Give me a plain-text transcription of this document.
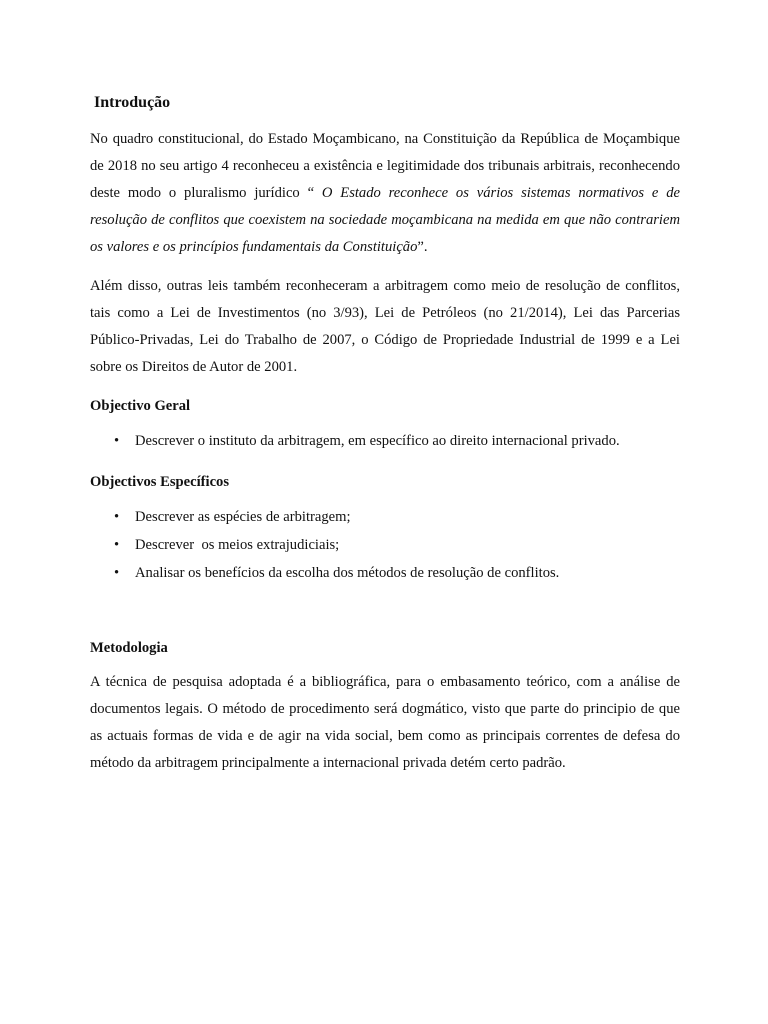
Introdução

No quadro constitucional, do Estado Moçambicano, na Constituição da República de Moçambique de 2018 no seu artigo 4 reconheceu a existência e legitimidade dos tribunais arbitrais, reconhecendo deste modo o pluralismo jurídico “ O Estado reconhece os vários sistemas normativos e de resolução de conflitos que coexistem na sociedade moçambicana na medida em que não contrariem os valores e os princípios fundamentais da Constituição”.

Além disso, outras leis também reconheceram a arbitragem como meio de resolução de conflitos, tais como a Lei de Investimentos (no 3/93), Lei de Petróleos (no 21/2014), Lei das Parcerias Público-Privadas, Lei do Trabalho de 2007, o Código de Propriedade Industrial de 1999 e a Lei sobre os Direitos de Autor de 2001.

Objectivo Geral
•	Descrever o instituto da arbitragem, em específico ao direito internacional privado.
Objectivos Específicos
•	Descrever as espécies de arbitragem;
•	Descrever  os meios extrajudiciais;
•	Analisar os benefícios da escolha dos métodos de resolução de conflitos.
Metodologia

A técnica de pesquisa adoptada é a bibliográfica, para o embasamento teórico, com a análise de documentos legais. O método de procedimento será dogmático, visto que parte do principio de que as actuais formas de vida e de agir na vida social, bem como as principais correntes de defesa do método da arbitragem principalmente a internacional privada detém certo padrão.
